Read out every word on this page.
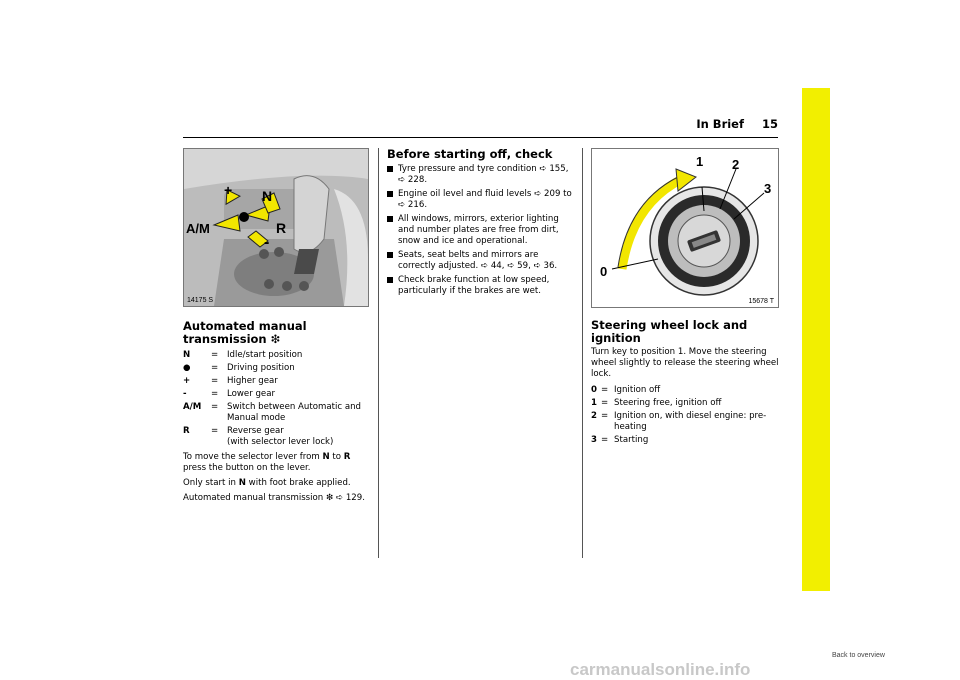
In Brief 15
+ N
R
-
A/M
14175 S
Automated manual transmission ❇
N	=	Idle/start position
●	=	Driving position
+	=	Higher gear
-	=	Lower gear
A/M	=	Switch between Automatic and Manual mode
R	=	Reverse gear
(with selector lever lock)
To move the selector lever from N to R press the button on the lever.
Only start in N with foot brake applied.
Automated manual transmission ❇ ➪ 129.
Before starting off, check
Tyre pressure and tyre condition ➪ 155, ➪ 228.
Engine oil level and fluid levels ➪ 209 to ➪ 216.
All windows, mirrors, exterior lighting and number plates are free from dirt, snow and ice and operational.
Seats, seat belts and mirrors are correctly adjusted. ➪ 44, ➪ 59, ➪ 36.
Check brake function at low speed, particularly if the brakes are wet.
0
1 2
3
15678 T
Steering wheel lock and ignition
Turn key to position 1. Move the steering wheel slightly to release the steering wheel lock.
0 = Ignition off
1 = Steering free, ignition off
2 = Ignition on, with diesel engine: pre-heating
3 = Starting
Back to overview
carmanualsonline.info
